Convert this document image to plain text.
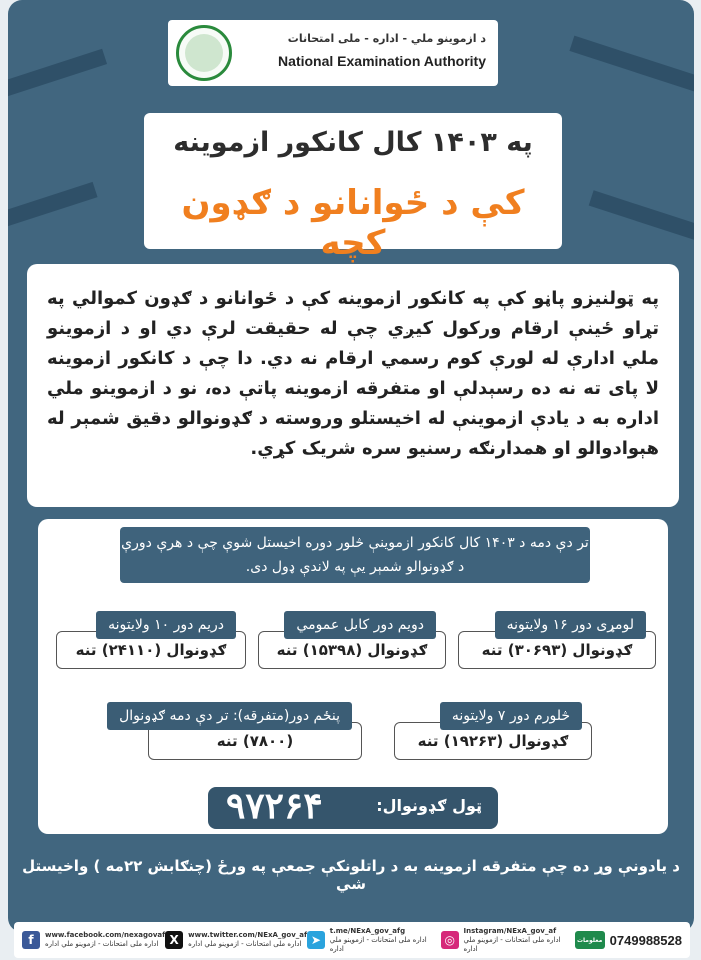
د ازموینو ملي - اداره - ملی امتحانات
National Examination Authority
په ۱۴۰۳ کال کانکور ازموینه
کې د ځوانانو د ګډون کچه

په ټولنیزو پاڼو کې په کانکور ازموینه کې د ځوانانو د ګډون کموالي په تړاو ځینې ارقام ورکول کیږي چې له حقیقت لرې دي او د ازموینو ملي ادارې له لورې کوم رسمي ارقام نه دي. دا چې د کانکور ازموینه لا پای ته نه ده رسېدلې او متفرقه ازموینه پاتې ده، نو د ازموینو ملي اداره به د یادې ازموینې له اخیستلو وروسته د ګډونوالو دقیق شمېر له هېوادوالو او همدارنګه رسنیو سره شریک کړي.

تر دې دمه د ۱۴۰۳ کال کانکور ازموینې څلور دوره اخیستل شوې چې د هرې دورې د ګډونوالو شمېر یې په لاندې ډول دی.
ګډونوال (۳۰۶۹۳) تنه
لومړی دور ۱۶ ولایتونه
ګډونوال (۱۵۳۹۸) تنه
دویم دور کابل عمومي
ګډونوال (۲۴۱۱۰) تنه
دریم دور ۱۰ ولایتونه
ګډونوال (۱۹۲۶۳) تنه
څلورم دور ۷ ولایتونه
(۷۸۰۰) تنه
پنځم دور(متفرقه): تر دې دمه ګډونوال
ټول ګډونوال:
۹۷۲۶۴
د یادونې وړ ده چې متفرقه ازموینه به د راتلونکې جمعې په ورځ (چنګابش ۲۲مه ) واخیستل شي
f	www.facebook.com/nexagovaf
اداره ملی امتحانات - ازموینو ملي اداره X	www.twitter.com/NExA_gov_af
اداره ملی امتحانات - ازموینو ملي اداره ➤
t.me/NExA_gov_afg
اداره ملی امتحانات - ازموینو ملي اداره
◎
Instagram/NExA_gov_af
اداره ملی امتحانات - ازموینو ملي اداره
معلومات 0749988528
